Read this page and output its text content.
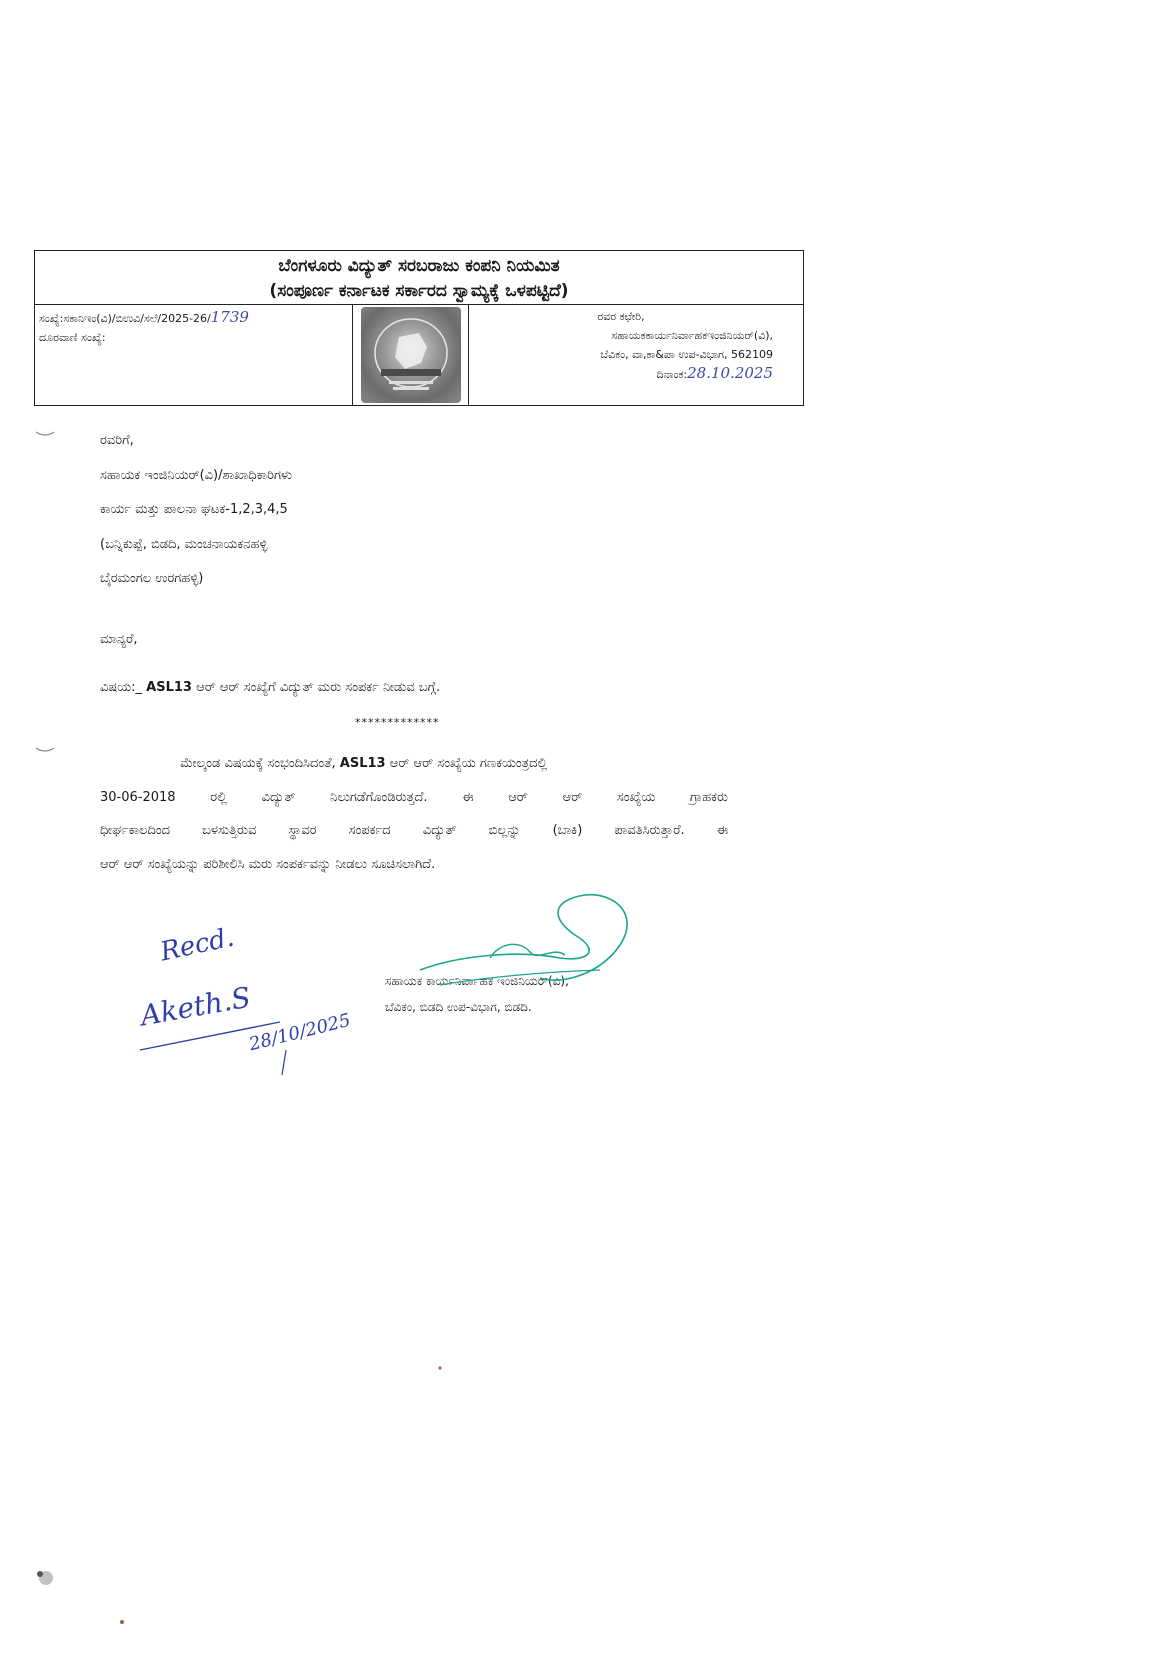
ಬೆಂಗಳೂರು ವಿದ್ಯುತ್ ಸರಬರಾಜು ಕಂಪನಿ ನಿಯಮಿತ
(ಸಂಪೂರ್ಣ ಕರ್ನಾಟಕ ಸರ್ಕಾರದ ಸ್ವಾಮ್ಯಕ್ಕೆ ಒಳಪಟ್ಟಿದೆ)
ಸಂಖ್ಯೆ:ಸಕಾನಿಇಂ(ವಿ)/ಬಿಉವಿ/ಸಲೆ/2025-26/1739
ದೂರವಾಣಿ ಸಂಖ್ಯೆ:
ರವರ ಕಛೇರಿ,
ಸಹಾಯಕಕಾರ್ಯನಿರ್ವಾಹಕಇಂಜಿನಿಯರ್(ವಿ),
ಬೆವಿಕಂ, ವಾ,ಕಾ&ಪಾ ಉಪ-ವಿಭಾಗ, 562109
ದಿನಾಂಕ:28.10.2025
ರವರಿಗೆ,
ಸಹಾಯಕ ಇಂಜಿನಿಯರ್(ವಿ)/ಶಾಖಾಧಿಕಾರಿಗಳು
ಕಾರ್ಯ ಮತ್ತು ಪಾಲನಾ ಘಟಕ-1,2,3,4,5
(ಬನ್ನಿಕುಪ್ಪೆ, ಬಿಡದಿ, ಮಂಚನಾಯಕನಹಳ್ಳಿ
ಬೈರಮಂಗಲ ಉರಗಹಳ್ಳಿ)
ಮಾನ್ಯರೆ,
ವಿಷಯ:_ ASL13 ಆರ್ ಆರ್ ಸಂಖ್ಯೆಗೆ ವಿದ್ಯುತ್ ಮರು ಸಂಪರ್ಕ ನೀಡುವ ಬಗ್ಗೆ.
*************
ಮೇಲ್ಕಂಡ ವಿಷಯಕ್ಕೆ ಸಂಭಂದಿಸಿದಂತೆ, ASL13 ಆರ್ ಆರ್ ಸಂಖ್ಯೆಯ ಗಣಕಯಂತ್ರದಲ್ಲಿ
30-06-2018 ರಲ್ಲಿ ವಿದ್ಯುತ್ ನಿಲುಗಡೆಗೊಂಡಿರುತ್ತದೆ. ಈ ಆರ್ ಆರ್ ಸಂಖ್ಯೆಯ ಗ್ರಾಹಕರು
ಧೀರ್ಘಕಾಲದಿಂದ ಬಳಸುತ್ತಿರುವ ಸ್ಥಾವರ ಸಂಪರ್ಕದ ವಿದ್ಯುತ್ ಬಿಲ್ಲನ್ನು (ಬಾಕಿ) ಪಾವತಿಸಿರುತ್ತಾರೆ. ಈ
ಆರ್ ಆರ್ ಸಂಖ್ಯೆಯನ್ನು ಪರಿಶೀಲಿಸಿ ಮರು ಸಂಪರ್ಕವನ್ನು ನೀಡಲು ಸೂಚಿಸಲಾಗಿದೆ.
ಸಹಾಯಕ ಕಾರ್ಯನಿರ್ವಾಹಕ ಇಂಜಿನಿಯರ್(ವಿ),
ಬೆವಿಕಂ, ಬಿಡದಿ ಉಪ-ವಿಭಾಗ, ಬಿಡದಿ.
Recd.
Aketh.S
28/10/2025
